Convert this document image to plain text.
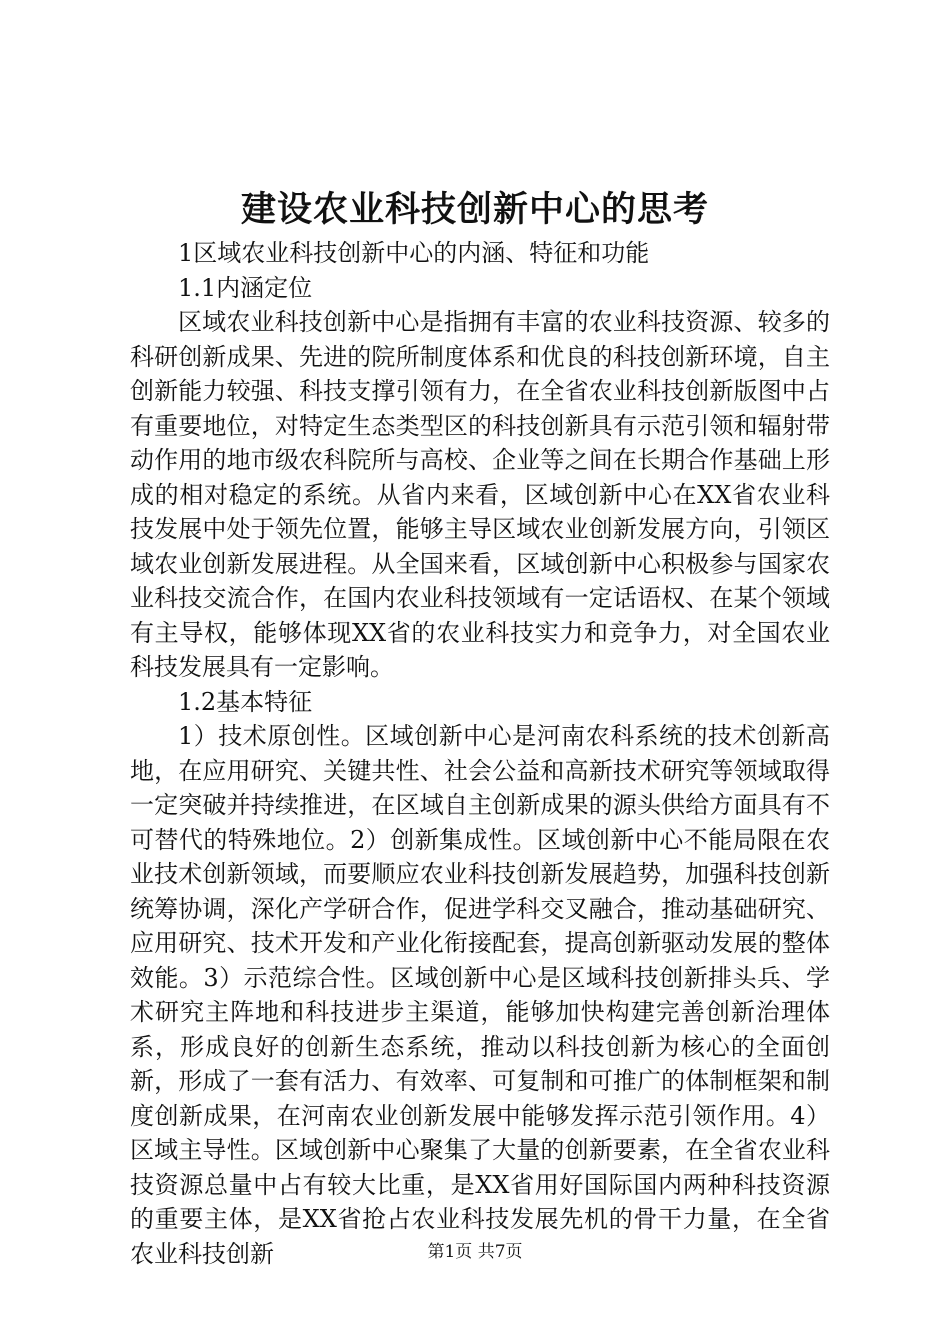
建设农业科技创新中心的思考

1区域农业科技创新中心的内涵、特征和功能

1.1内涵定位

区域农业科技创新中心是指拥有丰富的农业科技资源、较多的科研创新成果、先进的院所制度体系和优良的科技创新环境，自主创新能力较强、科技支撑引领有力，在全省农业科技创新版图中占有重要地位，对特定生态类型区的科技创新具有示范引领和辐射带动作用的地市级农科院所与高校、企业等之间在长期合作基础上形成的相对稳定的系统。从省内来看，区域创新中心在XX省农业科技发展中处于领先位置，能够主导区域农业创新发展方向，引领区域农业创新发展进程。从全国来看，区域创新中心积极参与国家农业科技交流合作，在国内农业科技领域有一定话语权、在某个领域有主导权，能够体现XX省的农业科技实力和竞争力，对全国农业科技发展具有一定影响。

1.2基本特征

1）技术原创性。区域创新中心是河南农科系统的技术创新高地，在应用研究、关键共性、社会公益和高新技术研究等领域取得一定突破并持续推进，在区域自主创新成果的源头供给方面具有不可替代的特殊地位。2）创新集成性。区域创新中心不能局限在农业技术创新领域，而要顺应农业科技创新发展趋势，加强科技创新统筹协调，深化产学研合作，促进学科交叉融合，推动基础研究、应用研究、技术开发和产业化衔接配套，提高创新驱动发展的整体效能。3）示范综合性。区域创新中心是区域科技创新排头兵、学术研究主阵地和科技进步主渠道，能够加快构建完善创新治理体系，形成良好的创新生态系统，推动以科技创新为核心的全面创新，形成了一套有活力、有效率、可复制和可推广的体制框架和制度创新成果，在河南农业创新发展中能够发挥示范引领作用。4）区域主导性。区域创新中心聚集了大量的创新要素，在全省农业科技资源总量中占有较大比重，是XX省用好国际国内两种科技资源的重要主体，是XX省抢占农业科技发展先机的骨干力量，在全省农业科技创新	第1页 共7页
